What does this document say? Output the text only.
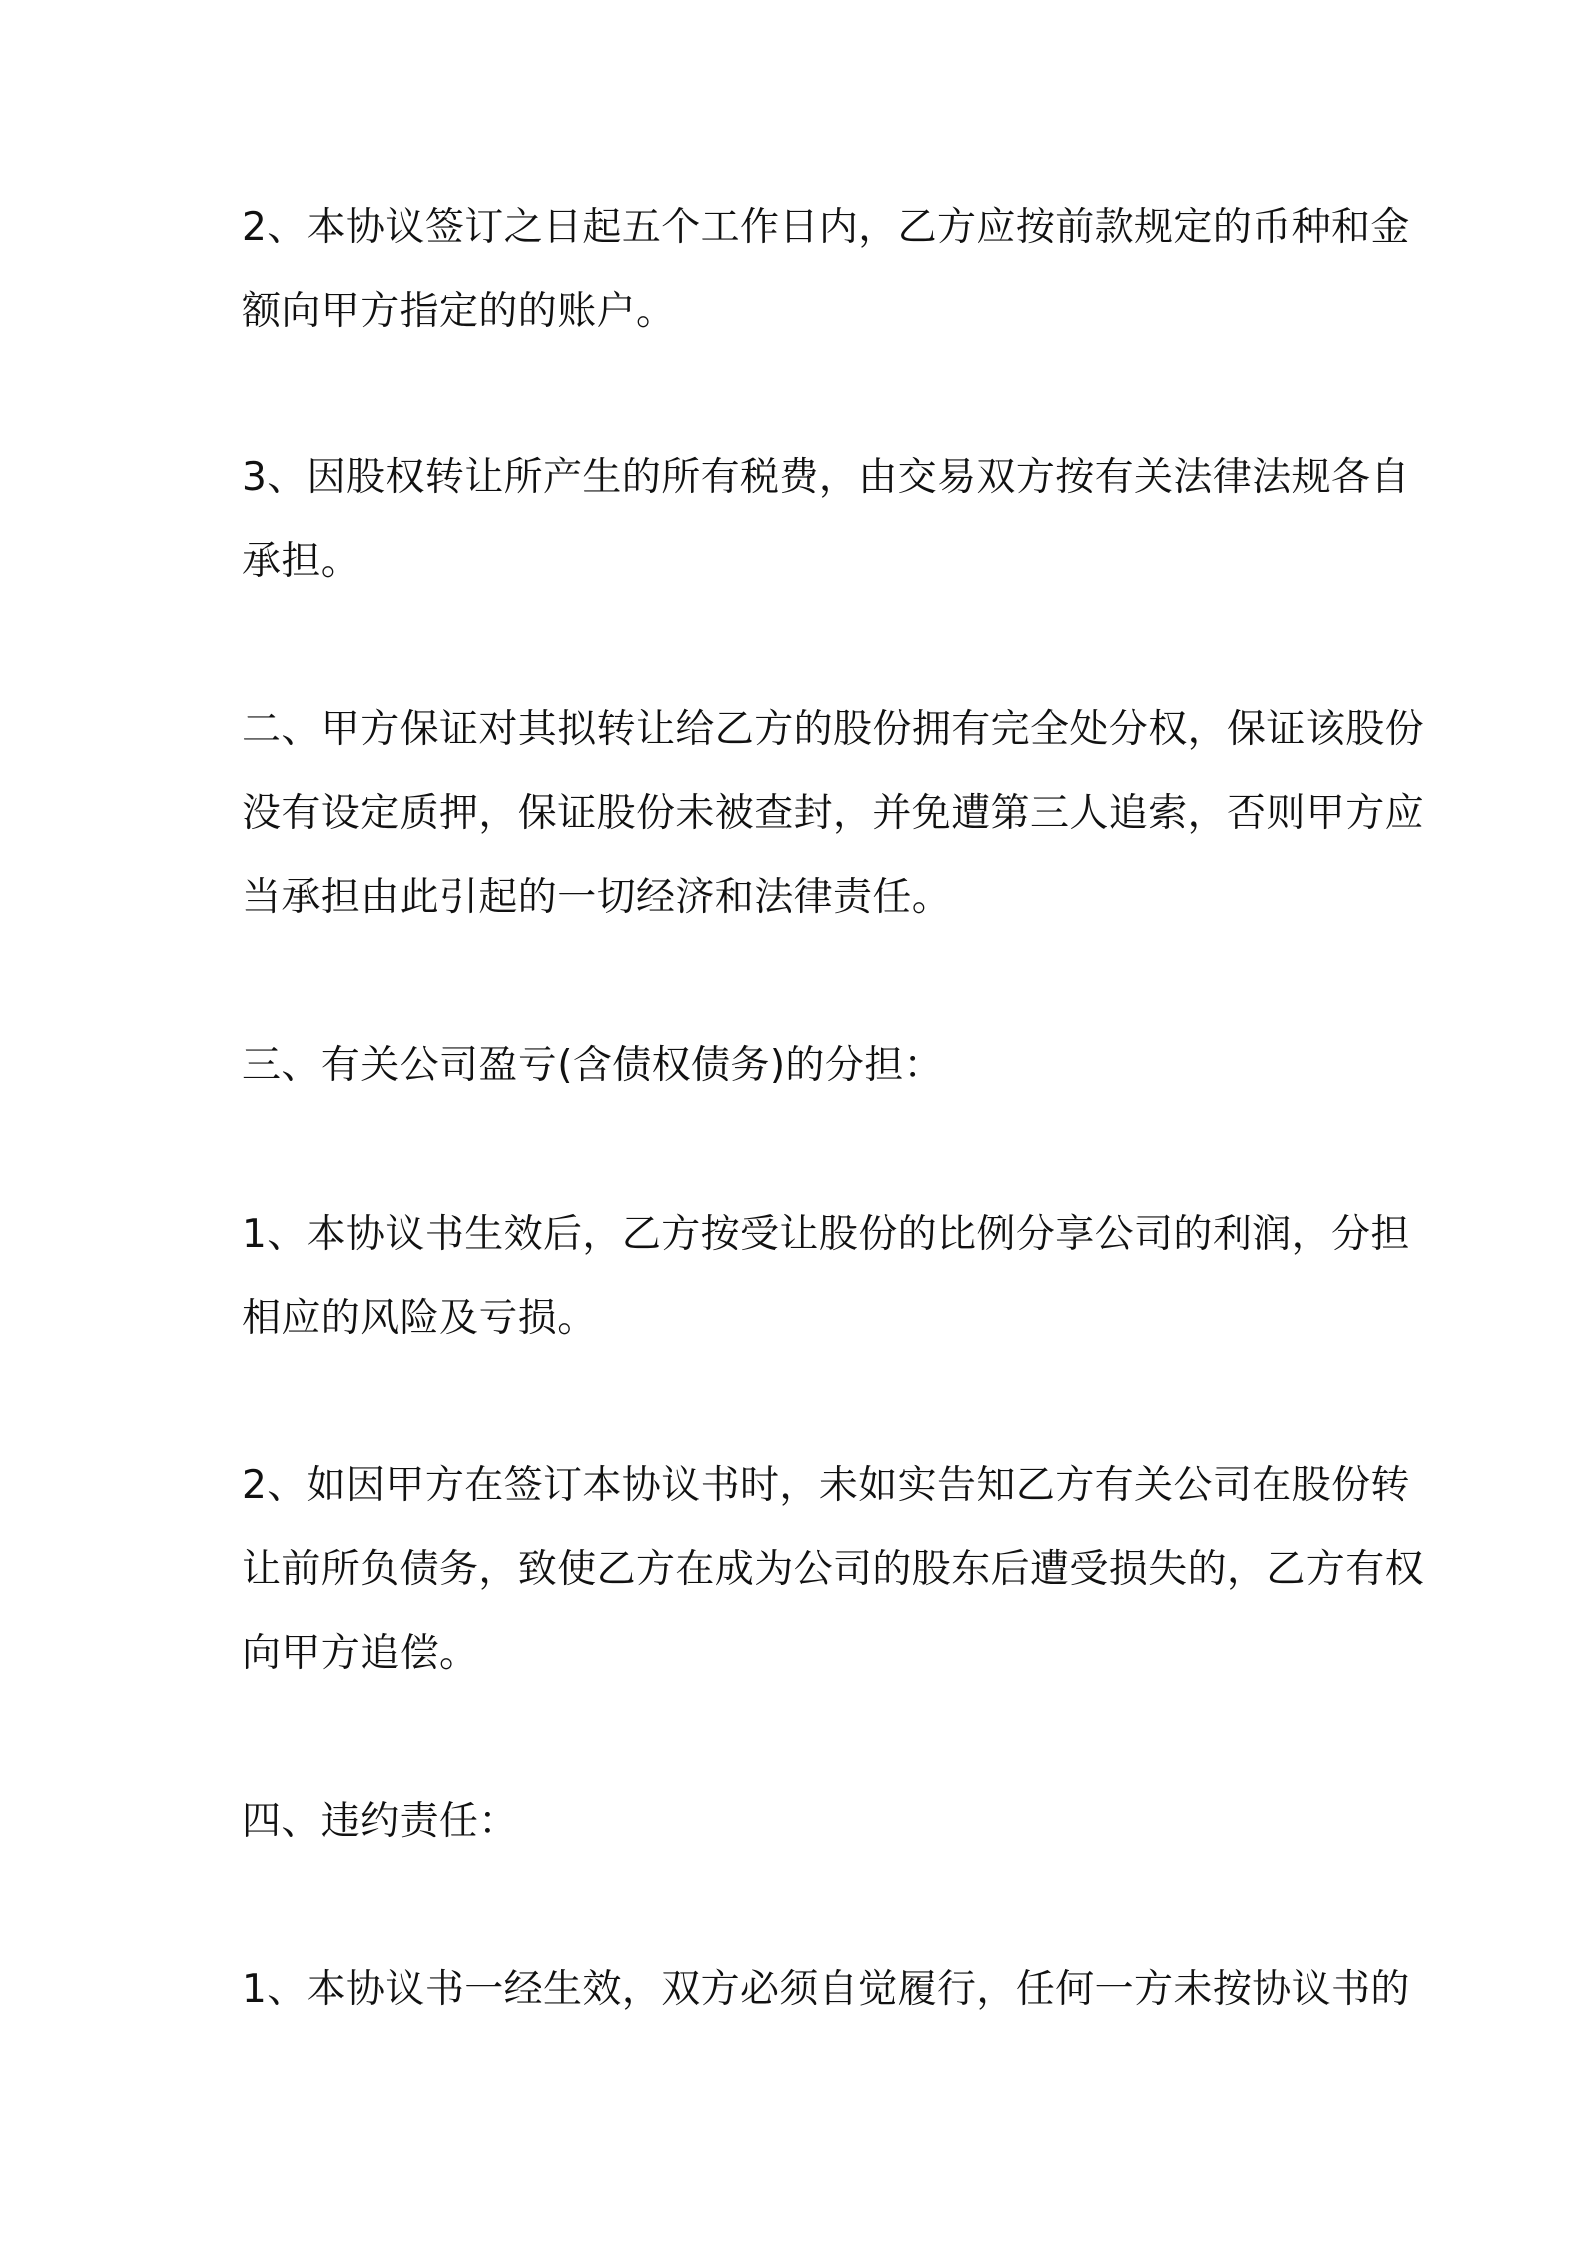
2、本协议签订之日起五个工作日内，乙方应按前款规定的币种和金
额向甲方指定的的账户。

3、因股权转让所产生的所有税费，由交易双方按有关法律法规各自
承担。

二、甲方保证对其拟转让给乙方的股份拥有完全处分权，保证该股份
没有设定质押，保证股份未被查封，并免遭第三人追索，否则甲方应
当承担由此引起的一切经济和法律责任。

三、有关公司盈亏(含债权债务)的分担：

1、本协议书生效后，乙方按受让股份的比例分享公司的利润，分担
相应的风险及亏损。

2、如因甲方在签订本协议书时，未如实告知乙方有关公司在股份转
让前所负债务，致使乙方在成为公司的股东后遭受损失的，乙方有权
向甲方追偿。

四、违约责任：

1、本协议书一经生效，双方必须自觉履行，任何一方未按协议书的
